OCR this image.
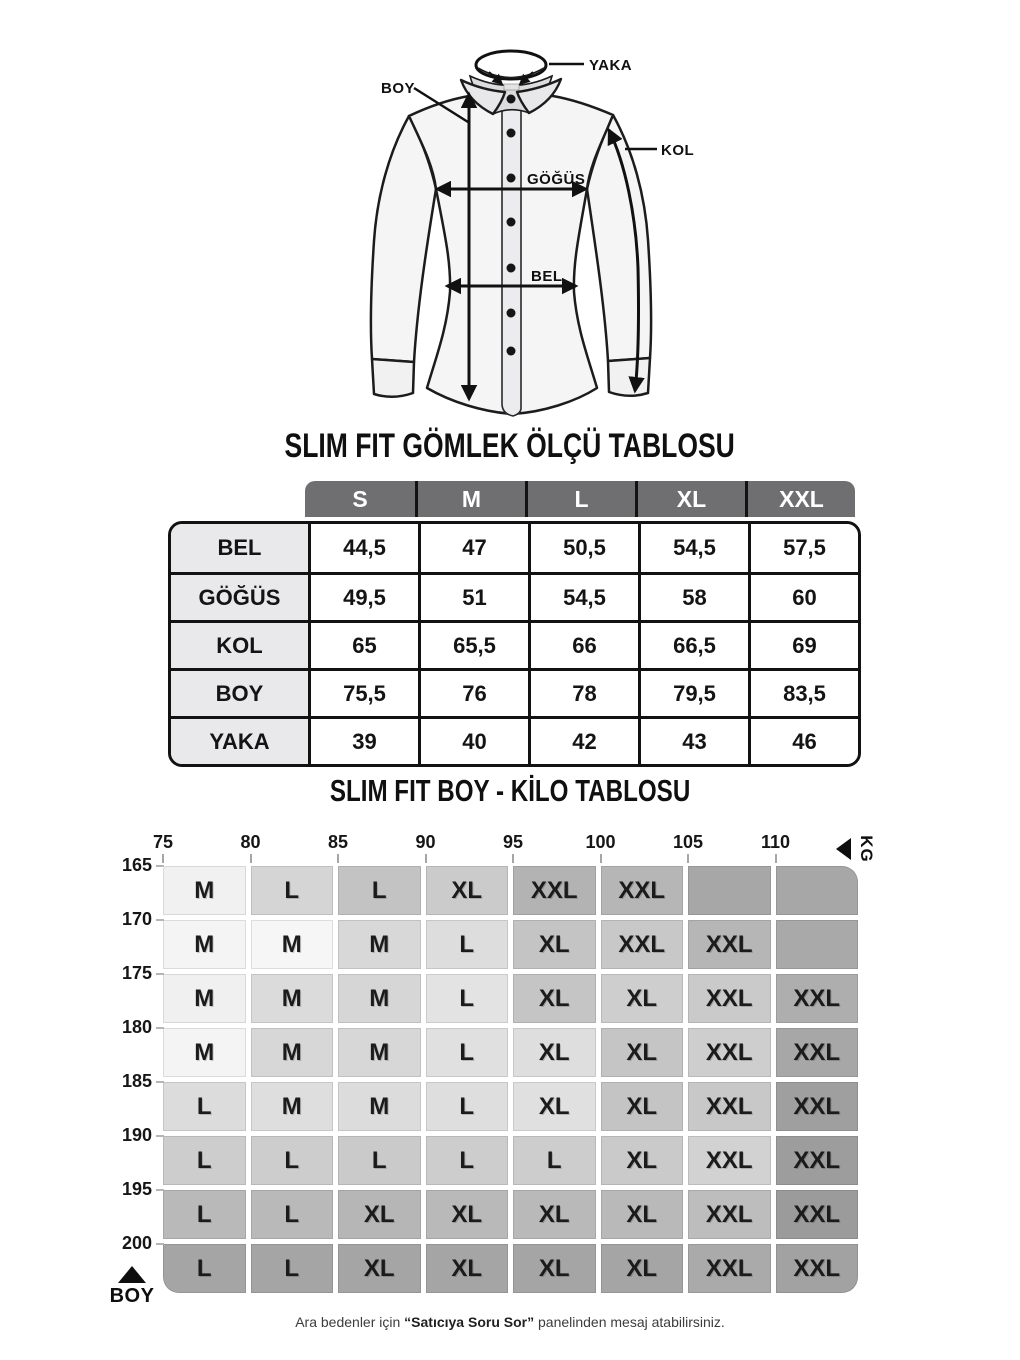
YAKA
BOY
KOL
GÖĞÜS
BEL
SLIM FIT GÖMLEK ÖLÇÜ TABLOSU
S	M	L	XL	XXL
BEL	44,5	47	50,5	54,5	57,5
GÖĞÜS	49,5	51	54,5	58	60
KOL	65	65,5	66	66,5	69
BOY	75,5	76	78	79,5	83,5
YAKA	39	40	42	43	46
SLIM FIT BOY - KİLO TABLOSU
KG
M	L	L	XL	XXL	XXL
M	M	M	L	XL	XXL	XXL
M	M	M	L	XL	XL	XXL	XXL
M	M	M	L	XL	XL	XXL	XXL
L	M	M	L	XL	XL	XXL	XXL
L	L	L	L	L	XL	XXL	XXL
L	L	XL	XL	XL	XL	XXL	XXL
L	L	XL	XL	XL	XL	XXL	XXL
BOY

Ara bedenler için “Satıcıya Soru Sor” panelinden mesaj atabilirsiniz.

75	80	85	90	95	100	105	110
165
170
175
180
185
190
195
200
